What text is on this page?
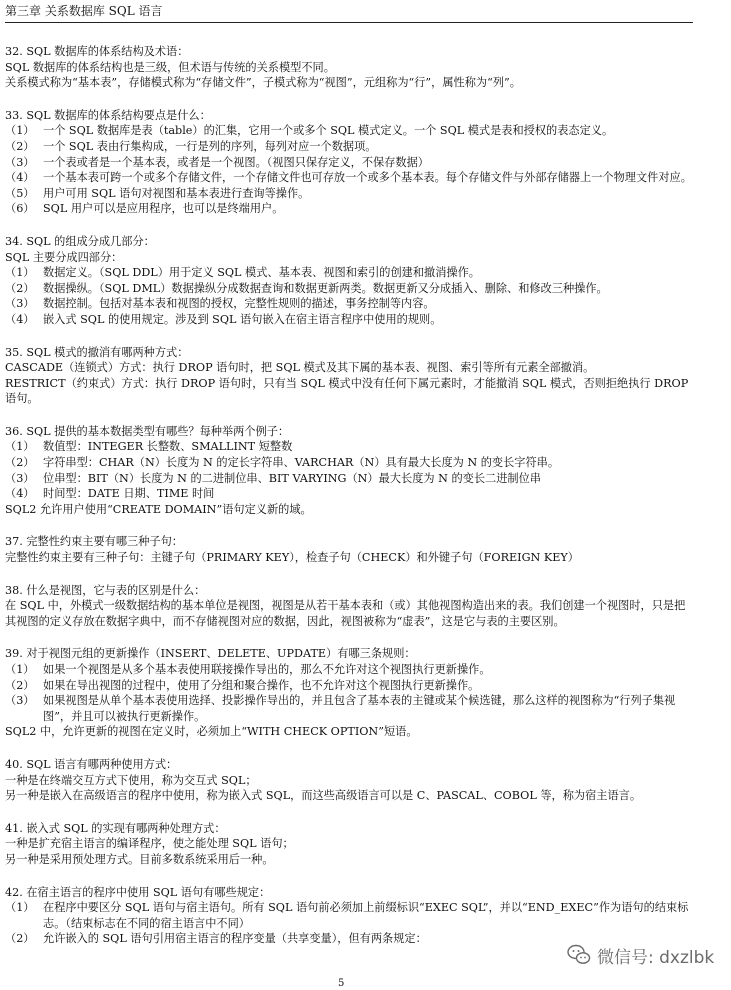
第三章 关系数据库 SQL 语言
32. SQL 数据库的体系结构及术语：
SQL 数据库的体系结构也是三级，但术语与传统的关系模型不同。
关系模式称为“基本表”，存储模式称为“存储文件”，子模式称为“视图”，元组称为“行”，属性称为“列”。
33. SQL 数据库的体系结构要点是什么：
（1） 一个 SQL 数据库是表（table）的汇集，它用一个或多个 SQL 模式定义。一个 SQL 模式是表和授权的表态定义。
（2） 一个 SQL 表由行集构成，一行是列的序列，每列对应一个数据项。
（3） 一个表或者是一个基本表，或者是一个视图。（视图只保存定义，不保存数据）
（4） 一个基本表可跨一个或多个存储文件，一个存储文件也可存放一个或多个基本表。每个存储文件与外部存储器上一个物理文件对应。
（5） 用户可用 SQL 语句对视图和基本表进行查询等操作。
（6） SQL 用户可以是应用程序，也可以是终端用户。
34. SQL 的组成分成几部分：
SQL 主要分成四部分：
（1） 数据定义。（SQL DDL）用于定义 SQL 模式、基本表、视图和索引的创建和撤消操作。
（2） 数据操纵。（SQL DML）数据操纵分成数据查询和数据更新两类。数据更新又分成插入、删除、和修改三种操作。
（3） 数据控制。包括对基本表和视图的授权，完整性规则的描述，事务控制等内容。
（4） 嵌入式 SQL 的使用规定。涉及到 SQL 语句嵌入在宿主语言程序中使用的规则。
35. SQL 模式的撤消有哪两种方式：
CASCADE（连锁式）方式：执行 DROP 语句时，把 SQL 模式及其下属的基本表、视图、索引等所有元素全部撤消。
RESTRICT（约束式）方式：执行 DROP 语句时，只有当 SQL 模式中没有任何下属元素时，才能撤消 SQL 模式，否则拒绝执行 DROP 语句。
36. SQL 提供的基本数据类型有哪些？每种举两个例子：
（1） 数值型：INTEGER 长整数、SMALLINT 短整数
（2） 字符串型：CHAR（N）长度为 N 的定长字符串、VARCHAR（N）具有最大长度为 N 的变长字符串。
（3） 位串型：BIT（N）长度为 N 的二进制位串、BIT VARYING（N）最大长度为 N 的变长二进制位串
（4） 时间型：DATE 日期、TIME 时间
SQL2 允许用户使用“CREATE DOMAIN”语句定义新的域。
37. 完整性约束主要有哪三种子句：
完整性约束主要有三种子句：主键子句（PRIMARY KEY），检查子句（CHECK）和外键子句（FOREIGN KEY）
38. 什么是视图，它与表的区别是什么：
在 SQL 中，外模式一级数据结构的基本单位是视图，视图是从若干基本表和（或）其他视图构造出来的表。我们创建一个视图时，只是把其视图的定义存放在数据字典中，而不存储视图对应的数据，因此，视图被称为“虚表”，这是它与表的主要区别。
39. 对于视图元组的更新操作（INSERT、DELETE、UPDATE）有哪三条规则：
（1） 如果一个视图是从多个基本表使用联接操作导出的，那么不允许对这个视图执行更新操作。
（2） 如果在导出视图的过程中，使用了分组和聚合操作，也不允许对这个视图执行更新操作。
（3） 如果视图是从单个基本表使用选择、投影操作导出的，并且包含了基本表的主键或某个候选键，那么这样的视图称为“行列子集视图”，并且可以被执行更新操作。
SQL2 中，允许更新的视图在定义时，必须加上“WITH CHECK OPTION”短语。
40. SQL 语言有哪两种使用方式：
一种是在终端交互方式下使用，称为交互式 SQL；
另一种是嵌入在高级语言的程序中使用，称为嵌入式 SQL，而这些高级语言可以是 C、PASCAL、COBOL 等，称为宿主语言。
41. 嵌入式 SQL 的实现有哪两种处理方式：
一种是扩充宿主语言的编译程序，使之能处理 SQL 语句；
另一种是采用预处理方式。目前多数系统采用后一种。
42. 在宿主语言的程序中使用 SQL 语句有哪些规定：
（1） 在程序中要区分 SQL 语句与宿主语句。所有 SQL 语句前必须加上前缀标识“EXEC SQL”，并以“END_EXEC”作为语句的结束标志。（结束标志在不同的宿主语言中不同）
（2） 允许嵌入的 SQL 语句引用宿主语言的程序变量（共享变量），但有两条规定：
5
微信号: dxzlbk
